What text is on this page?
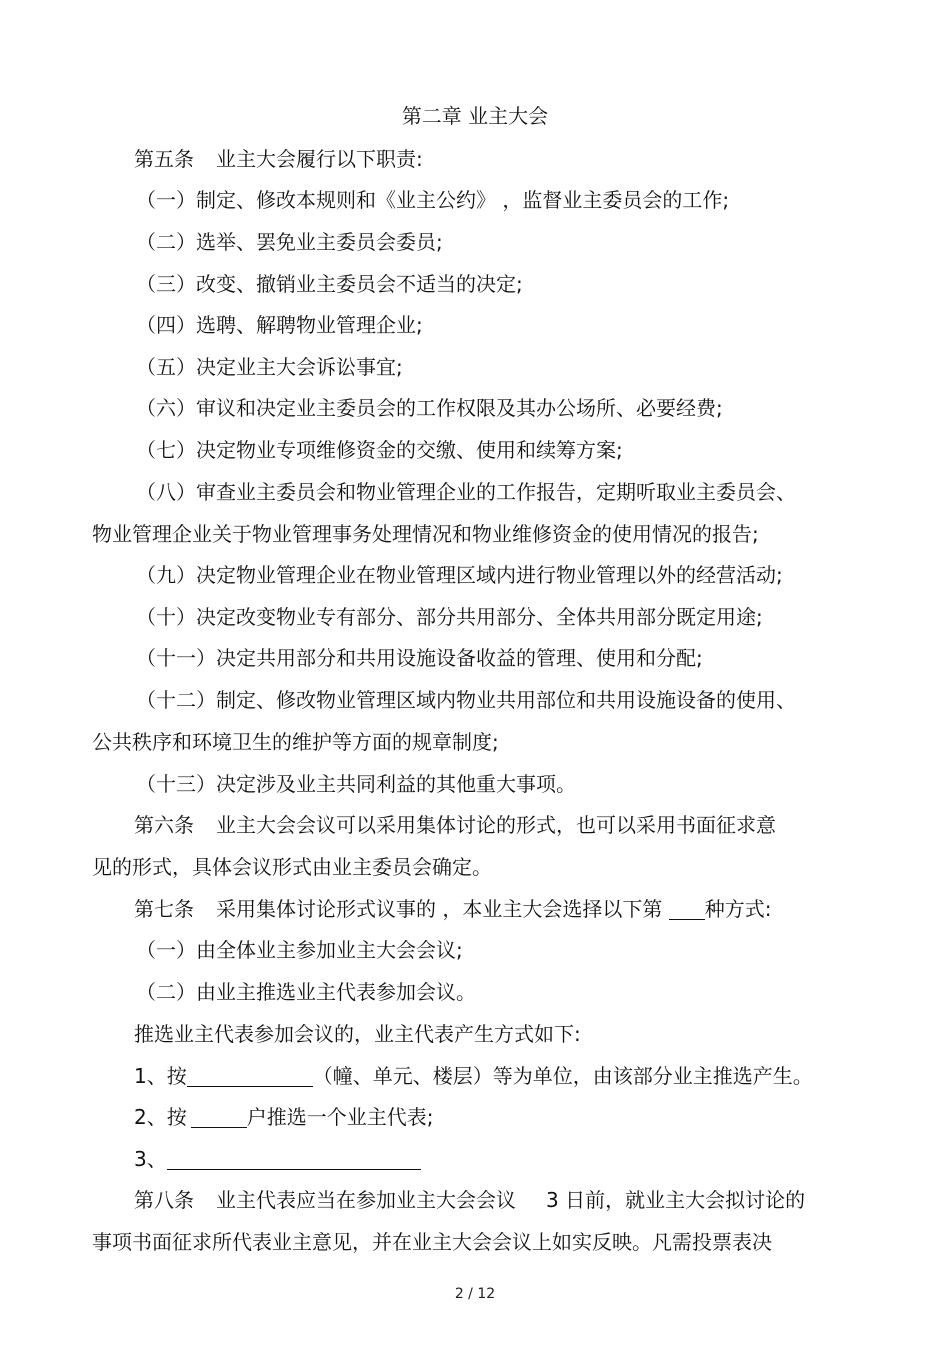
第二章 业主大会
第五条 业主大会履行以下职责:
（一）制定、修改本规则和《业主公约》 ，监督业主委员会的工作;
（二）选举、罢免业主委员会委员;
（三）改变、撤销业主委员会不适当的决定;
（四）选聘、解聘物业管理企业;
（五）决定业主大会诉讼事宜;
（六）审议和决定业主委员会的工作权限及其办公场所、必要经费;
（七）决定物业专项维修资金的交缴、使用和续筹方案;
（八）审查业主委员会和物业管理企业的工作报告，定期听取业主委员会、
物业管理企业关于物业管理事务处理情况和物业维修资金的使用情况的报告;
（九）决定物业管理企业在物业管理区域内进行物业管理以外的经营活动;
（十）决定改变物业专有部分、部分共用部分、全体共用部分既定用途;
（十一）决定共用部分和共用设施设备收益的管理、使用和分配;
（十二）制定、修改物业管理区域内物业共用部位和共用设施设备的使用、
公共秩序和环境卫生的维护等方面的规章制度;
（十三）决定涉及业主共同利益的其他重大事项。
第六条 业主大会会议可以采用集体讨论的形式，也可以采用书面征求意
见的形式，具体会议形式由业主委员会确定。
第七条 采用集体讨论形式议事的 ，本业主大会选择以下第 种方式:
（一）由全体业主参加业主大会会议;
（二）由业主推选业主代表参加会议。
推选业主代表参加会议的，业主代表产生方式如下:
1、按	（幢、单元、楼层）等为单位，由该部分业主推选产生。
2、按	户推选一个业主代表;
3、
第八条 业主代表应当在参加业主大会会议 3 日前，就业主大会拟讨论的
事项书面征求所代表业主意见，并在业主大会会议上如实反映。凡需投票表决
2 / 12
